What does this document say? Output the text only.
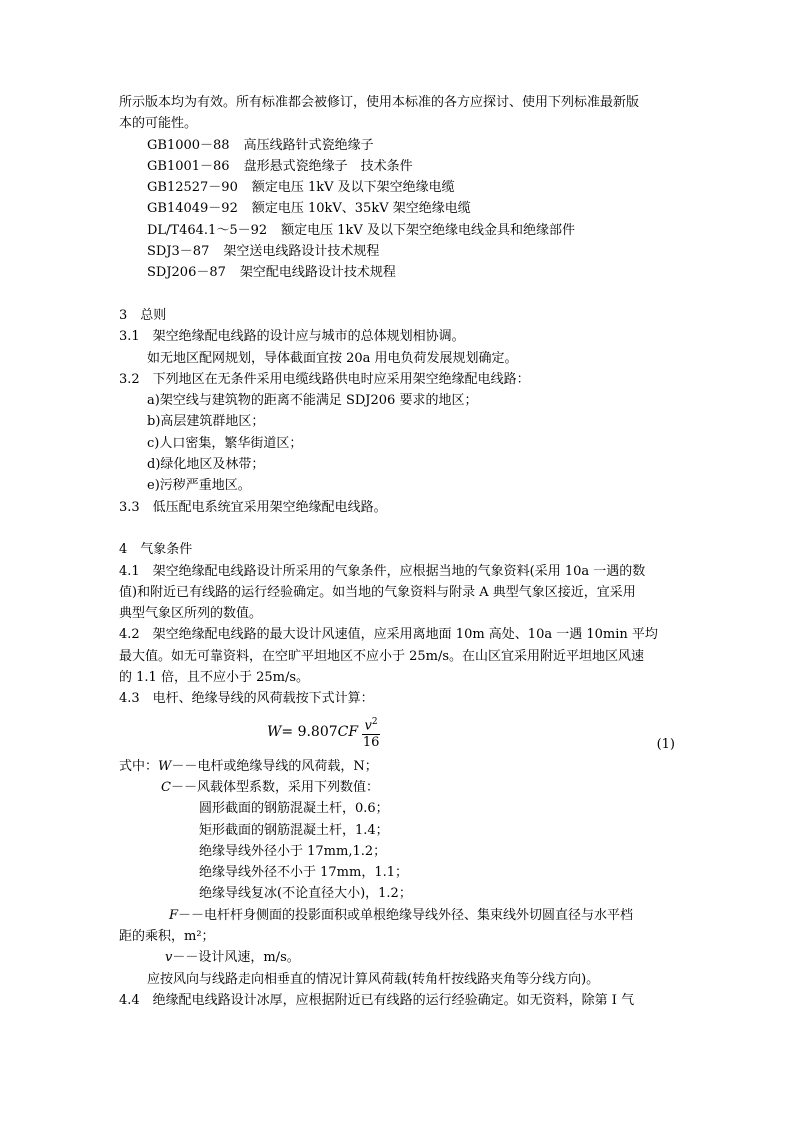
所示版本均为有效。所有标准都会被修订，使用本标准的各方应探讨、使用下列标准最新版
本的可能性。
GB1000－88 高压线路针式瓷绝缘子
GB1001－86 盘形悬式瓷绝缘子　技术条件
GB12527－90 额定电压 1kV 及以下架空绝缘电缆
GB14049－92 额定电压 10kV、35kV 架空绝缘电缆
DL/T464.1～5－92 额定电压 1kV 及以下架空绝缘电线金具和绝缘部件
SDJ3－87 架空送电线路设计技术规程
SDJ206－87 架空配电线路设计技术规程
3　总则
3.1　架空绝缘配电线路的设计应与城市的总体规划相协调。
如无地区配网规划，导体截面宜按 20a 用电负荷发展规划确定。
3.2　下列地区在无条件采用电缆线路供电时应采用架空绝缘配电线路：
a)架空线与建筑物的距离不能满足 SDJ206 要求的地区；
b)高层建筑群地区；
c)人口密集，繁华街道区；
d)绿化地区及林带；
e)污秽严重地区。
3.3　低压配电系统宜采用架空绝缘配电线路。
4　气象条件
4.1　架空绝缘配电线路设计所采用的气象条件，应根据当地的气象资料(采用 10a 一遇的数
值)和附近已有线路的运行经验确定。如当地的气象资料与附录 A 典型气象区接近，宜采用
典型气象区所列的数值。
4.2　架空绝缘配电线路的最大设计风速值，应采用离地面 10m 高处、10a 一遇 10min 平均
最大值。如无可靠资料，在空旷平坦地区不应小于 25m/s。在山区宜采用附近平坦地区风速
的 1.1 倍，且不应小于 25m/s。
4.3　电杆、绝缘导线的风荷载按下式计算：
W = 9.807 CF $\frac{v^2}{16}$	(1)
式中：W－－电杆或绝缘导线的风荷载，N；
C－－风载体型系数，采用下列数值：
圆形截面的钢筋混凝土杆，0.6；
矩形截面的钢筋混凝土杆，1.4；
绝缘导线外径小于 17mm,1.2；
绝缘导线外径不小于 17mm，1.1；
绝缘导线复冰(不论直径大小)，1.2；
F－－电杆杆身侧面的投影面积或单根绝缘导线外径、集束线外切圆直径与水平档
距的乘积，m²；
v－－设计风速，m/s。
应按风向与线路走向相垂直的情况计算风荷载(转角杆按线路夹角等分线方向)。
4.4　绝缘配电线路设计冰厚，应根据附近已有线路的运行经验确定。如无资料，除第 I 气
